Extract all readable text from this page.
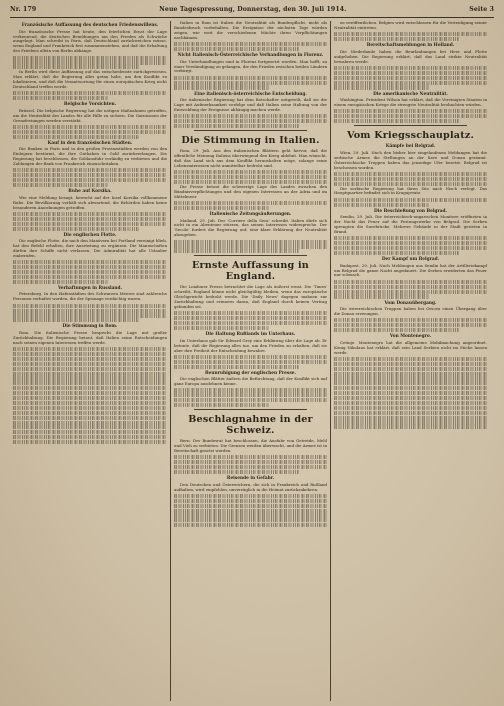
Nr. 179	Neue Tagespressung, Donnerstag, den 30. Juli 1914.	Seite 3
Französische Auffassung des deutschen Friedenswillens.

Die französische Presse hat heute, den feierlichen Ernst der Lage verkennend, die deutschen Bemühungen um den Frieden als Schwäche ausgelegt. Man schreibt in Paris, daß Deutschland zurückweichen müsse, wenn England und Frankreich fest zusammenstehen, und daß die Erhaltung des Friedens allein von Berlin abhänge.

In Berlin wird diese Auffassung auf das entschiedenste zurückgewiesen. Man erklärt, daß die Regierung alles getan habe, um den Konflikt zu lokalisieren, und daß die Verantwortung für einen europäischen Krieg nicht Deutschland treffen werde.

Belgische Vorsichten.

Brüssel. Die belgische Regierung hat die nötigen Maßnahmen getroffen, um die Neutralität des Landes für alle Fälle zu sichern. Die Garnisonen der Grenzfestungen werden verstärkt.

Kauf in den französischen Städten.

Die Banken in Paris und in den großen Provinzstädten werden von den Einlegern bestürmt, die ihre Guthaben in Gold zurückverlangen. Die Regierung hat beschlossen, die Goldausfuhr vorläufig zu verbieten und die Zahlungen der Bank von Frankreich einzuschränken.

Ruhe auf Korsika.

Wie eine Meldung besagt, herrscht auf der Insel Korsika vollkommene Ruhe. Die Bevölkerung verhält sich abwartend, die Behörden haben keine besonderen Anordnungen getroffen.

Die englischen Flotte.

Die englische Flotte, die nach den Manövern bei Portland vereinigt blieb, hat den Befehl erhalten, ihre Ausrüstung zu ergänzen. Die Mannschaften dürfen ihre Schiffe nicht verlassen. Die Admiralität hat alle Urlauber einberufen.

Verhaftungen in Russland.

Petersburg. In den Hafenstädten des Schwarzen Meeres sind zahlreiche Personen verhaftet worden, die der Spionage verdächtig waren.

Die Stimmung in Rom.

Rom. Die italienische Presse bespricht die Lage mit großer Zurückhaltung. Die Regierung betont, daß Italien seine Entscheidungen nach seinen eigenen Interessen treffen werde.

Italien in Rom ist Italien die Neutralität als Bundespflicht, nicht als Bundesbruch vorbehalten. Die Ereignisse der nächsten Tage würden zeigen, wie weit die verschiedenen Mächte ihren Verpflichtungen nachkämen.

Nicht Italienisch-Österreichische Verhandlungen in Florenz.

Die Unterhandlungen sind in Florenz fortgesetzt worden. Man hofft, zu einer Verständigung zu gelangen, die den Frieden zwischen beiden Ländern verbürgt.

Eine italienisch-österreichische Entscheidung.

Die italienische Regierung hat dem Botschafter mitgeteilt, daß sie die Lage mit Aufmerksamkeit verfolge und daß Italien seine Haltung von der Entwicklung der Ereignisse abhängig machen werde.

Die Stimmung in Italien.

Rom, 29. Juli. Aus den italienischen Blättern geht hervor, daß die öffentliche Meinung Italiens überwiegend den Krieg ablehnt. Man wünscht, daß das Land sich aus dem Konflikt heraushalten möge, solange seine Lebensinteressen nicht unmittelbar bedroht sind.

Die Presse betont die schwierige Lage des Landes zwischen den Bündnisverpflichtungen und den eigenen Interessen an der Adria und im Mittelmeer.

Italienische Zeitungsäußerungen.

Mailand, 29. Juli. Der 'Corriere della Sera' schreibt, Italien dürfe sich nicht in ein Abenteuer stürzen, das seinen Interessen widerspreche. Der 'Secolo' fordert die Regierung auf, eine klare Erklärung der Neutralität abzugeben.

Ernste Auffassung in England.

Die Londoner Presse betrachtet die Lage als äußerst ernst. Die 'Times' schreibt, England könne nicht gleichgültig bleiben, wenn das europäische Gleichgewicht bedroht werde. Die 'Daily News' dagegen mahnen zur Zurückhaltung und erinnern daran, daß England durch keinen Vertrag gebunden sei.

Die Haltung Rußlands im Unterhaus.

Im Unterhaus gab Sir Edward Grey eine Erklärung über die Lage ab. Er betonte, daß die Regierung alles tue, um den Frieden zu erhalten, daß sie aber ihre Freiheit der Entscheidung bewahre.

Beunruhigung der englischen Presse.

Die englischen Blätter äußern die Befürchtung, daß der Konflikt sich auf ganz Europa ausdehnen könne.

Beschlagnahme in der Schweiz.

Bern. Der Bundesrat hat beschlossen, die Ausfuhr von Getreide, Mehl und Vieh zu verbieten. Die Grenzen werden überwacht, und die Armee ist in Bereitschaft gesetzt worden.

Reisende in Gefahr.

Den Deutschen und Österreichern, die sich in Frankreich und Rußland aufhalten, wird empfohlen, unverzüglich in die Heimat zurückzukehren.

zu veröffentlichen. Belgien wird entschlossen für die Verteidigung seiner Neutralität eintreten.

Bereitschaftsmeldungen in Holland.

Die Niederlande haben die Beurlaubungen bei Heer und Flotte aufgehoben. Die Regierung erklärt, daß das Land strikte Neutralität bewahren werde.

Die amerikanische Neutralität.

Washington. Präsident Wilson hat erklärt, daß die Vereinigten Staaten in einem europäischen Kriege die strengste Neutralität beobachten würden.

Vom Kriegsschauplatz.
Kämpfe bei Belgrad.

Wien, 29. Juli. Nach den bisher hier eingelaufenen Meldungen hat die serbische Armee die Stellungen an der Save und Donau geräumt. Österreichische Truppen haben das jenseitige Ufer besetzt. Belgrad ist beschossen worden.

Die serbische Regierung hat ihren Sitz nach Nisch verlegt. Das Hauptquartier befindet sich in Kragujevatz.

Die Beschießung von Belgrad.

Semlin, 29. Juli. Die österreichisch-ungarischen Monitore eröffneten in der Nacht das Feuer auf die Festungswerke von Belgrad. Die Serben sprengten die Savebrücke. Mehrere Gebäude in der Stadt gerieten in Brand.

Der Kampf um Belgrad.

Budapest, 29. Juli. Nach Meldungen aus Semlin hat der Artilleriekampf um Belgrad die ganze Nacht angedauert. Die Serben erwiderten das Feuer nur schwach.

Vom Donauübergang.

Die österreichischen Truppen haben bei Orsova einen Übergang über die Donau erzwungen.

Von Montenegro.

Cetinje. Montenegro hat die allgemeine Mobilmachung angeordnet. König Nikolaus hat erklärt, daß sein Land Serbien nicht im Stiche lassen werde.
